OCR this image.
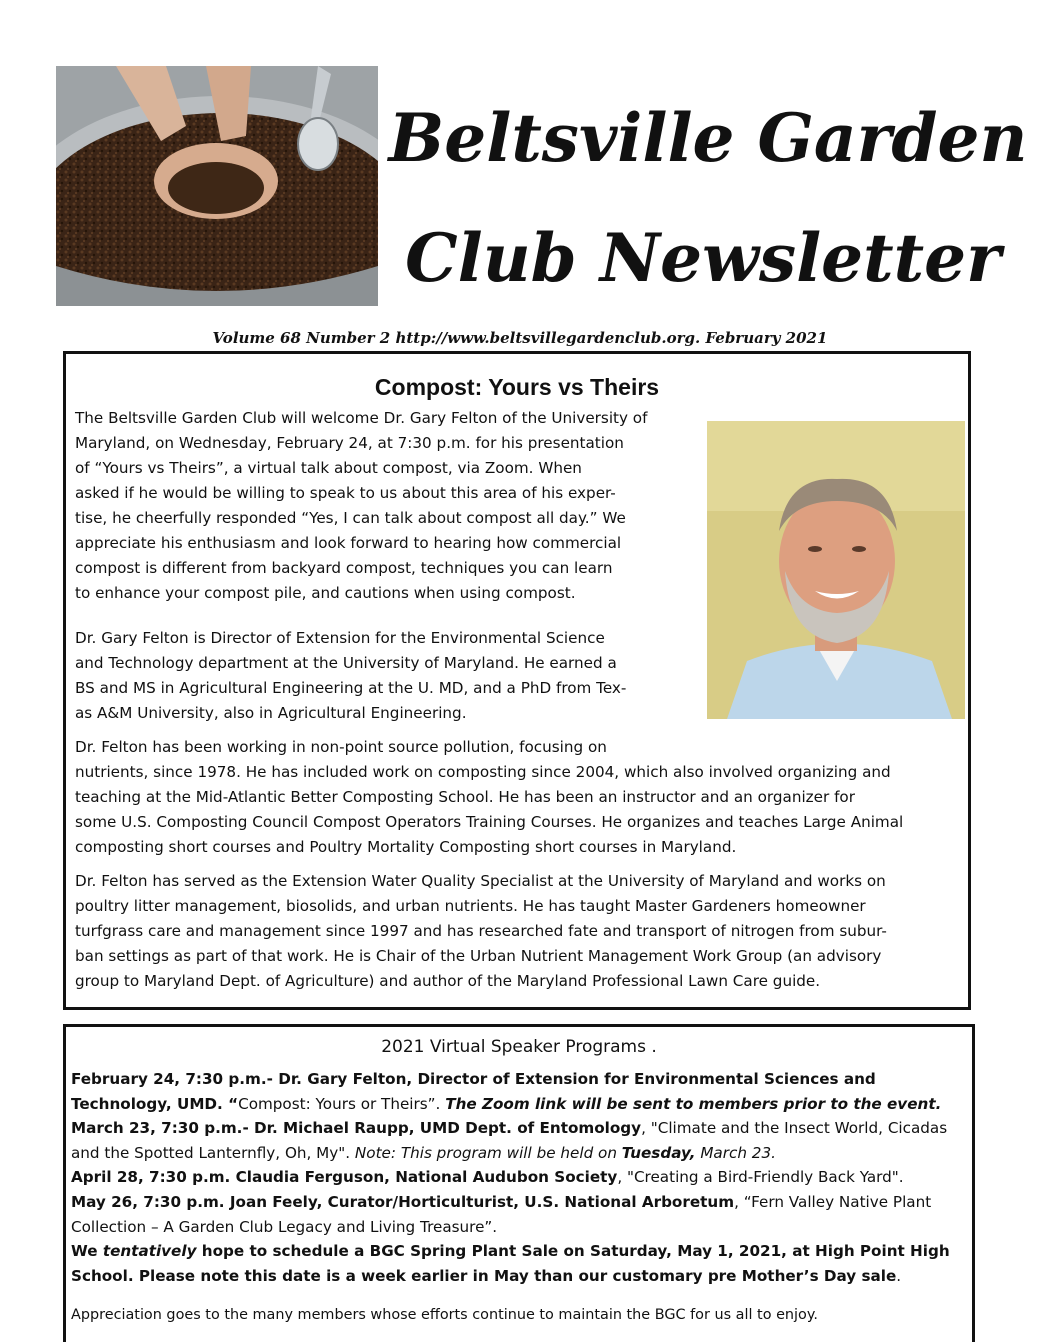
Beltsville Garden

Club Newsletter
Volume 68 Number 2 http://www.beltsvillegardenclub.org. February 2021
Compost: Yours vs Theirs
The Beltsville Garden Club will welcome Dr. Gary Felton of the University of
Maryland, on Wednesday, February 24, at 7:30 p.m. for his presentation
of “Yours vs Theirs”, a virtual talk about compost, via Zoom. When
asked if he would be willing to speak to us about this area of his exper-
tise, he cheerfully responded “Yes, I can talk about compost all day.” We
appreciate his enthusiasm and look forward to hearing how commercial
compost is different from backyard compost, techniques you can learn
to enhance your compost pile, and cautions when using compost.
Dr. Gary Felton is Director of Extension for the Environmental Science
and Technology department at the University of Maryland. He earned a
BS and MS in Agricultural Engineering at the U. MD, and a PhD from Tex-
as A&M University, also in Agricultural Engineering.
Dr. Felton has been working in non-point source pollution, focusing on
nutrients, since 1978. He has included work on composting since 2004, which also involved organizing and
teaching at the Mid-Atlantic Better Composting School. He has been an instructor and an organizer for
some U.S. Composting Council Compost Operators Training Courses. He organizes and teaches Large Animal
composting short courses and Poultry Mortality Composting short courses in Maryland.
Dr. Felton has served as the Extension Water Quality Specialist at the University of Maryland and works on
poultry litter management, biosolids, and urban nutrients. He has taught Master Gardeners homeowner
turfgrass care and management since 1997 and has researched fate and transport of nitrogen from subur-
ban settings as part of that work. He is Chair of the Urban Nutrient Management Work Group (an advisory
group to Maryland Dept. of Agriculture) and author of the Maryland Professional Lawn Care guide.
2021 Virtual Speaker Programs .
February 24, 7:30 p.m.- Dr. Gary Felton, Director of Extension for Environmental Sciences and Technology, UMD. “Compost: Yours or Theirs”. The Zoom link will be sent to members prior to the event.
March 23, 7:30 p.m.- Dr. Michael Raupp, UMD Dept. of Entomology, "Climate and the Insect World, Cicadas and the Spotted Lanternfly, Oh, My". Note: This program will be held on Tuesday, March 23.
April 28, 7:30 p.m. Claudia Ferguson, National Audubon Society, "Creating a Bird-Friendly Back Yard".
May 26, 7:30 p.m. Joan Feely, Curator/Horticulturist, U.S. National Arboretum, “Fern Valley Native Plant Collection – A Garden Club Legacy and Living Treasure”.
We tentatively hope to schedule a BGC Spring Plant Sale on Saturday, May 1, 2021, at High Point High School. Please note this date is a week earlier in May than our customary pre Mother’s Day sale.
Appreciation goes to the many members whose efforts continue to maintain the BGC for us all to enjoy.
